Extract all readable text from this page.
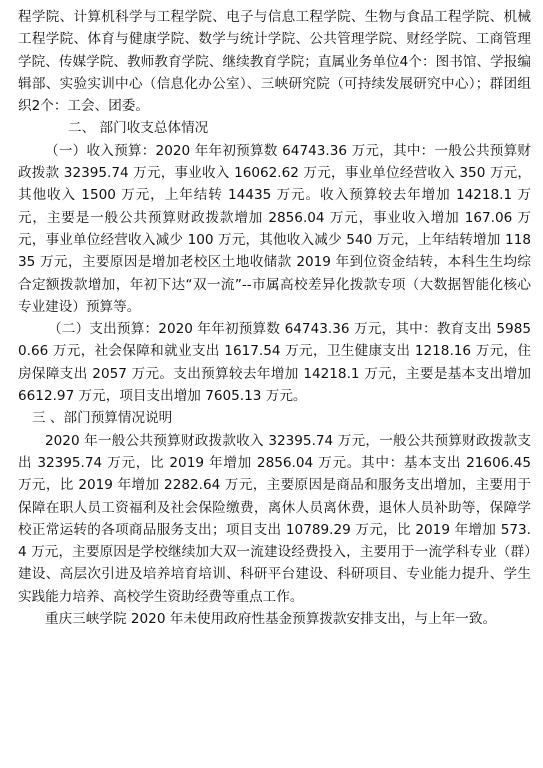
程学院、计算机科学与工程学院、电子与信息工程学院、生物与食品工程学院、机械工程学院、体育与健康学院、数学与统计学院、公共管理学院、财经学院、工商管理学院、传媒学院、教师教育学院、继续教育学院；直属业务单位4个：图书馆、学报编辑部、实验实训中心（信息化办公室）、三峡研究院（可持续发展研究中心）；群团组织2个：工会、团委。

二、 部门收支总体情况

（一）收入预算：2020 年年初预算数 64743.36 万元，其中：一般公共预算财政拨款 32395.74 万元，事业收入 16062.62 万元，事业单位经营收入 350 万元，其他收入 1500 万元，上年结转 14435 万元。收入预算较去年增加 14218.1 万元，主要是一般公共预算财政拨款增加 2856.04 万元，事业收入增加 167.06 万元，事业单位经营收入减少 100 万元，其他收入减少 540 万元，上年结转增加 11835 万元，主要原因是增加老校区土地收储款 2019 年到位资金结转，本科生生均综合定额拨款增加，年初下达“双一流”--市属高校差异化拨款专项（大数据智能化核心专业建设）预算等。

（二）支出预算：2020 年年初预算数 64743.36 万元，其中：教育支出 59850.66 万元，社会保障和就业支出 1617.54 万元，卫生健康支出 1218.16 万元，住房保障支出 2057 万元。支出预算较去年增加 14218.1 万元，主要是基本支出增加 6612.97 万元，项目支出增加 7605.13 万元。

三 、部门预算情况说明

2020 年一般公共预算财政拨款收入 32395.74 万元，一般公共预算财政拨款支出 32395.74 万元，比 2019 年增加 2856.04 万元。其中：基本支出 21606.45 万元，比 2019 年增加 2282.64 万元，主要原因是商品和服务支出增加，主要用于保障在职人员工资福利及社会保险缴费，离休人员离休费，退休人员补助等，保障学校正常运转的各项商品服务支出；项目支出 10789.29 万元，比 2019 年增加 573.4 万元，主要原因是学校继续加大双一流建设经费投入，主要用于一流学科专业（群）建设、高层次引进及培养培育培训、科研平台建设、科研项目、专业能力提升、学生实践能力培养、高校学生资助经费等重点工作。

重庆三峡学院 2020 年未使用政府性基金预算拨款安排支出，与上年一致。
